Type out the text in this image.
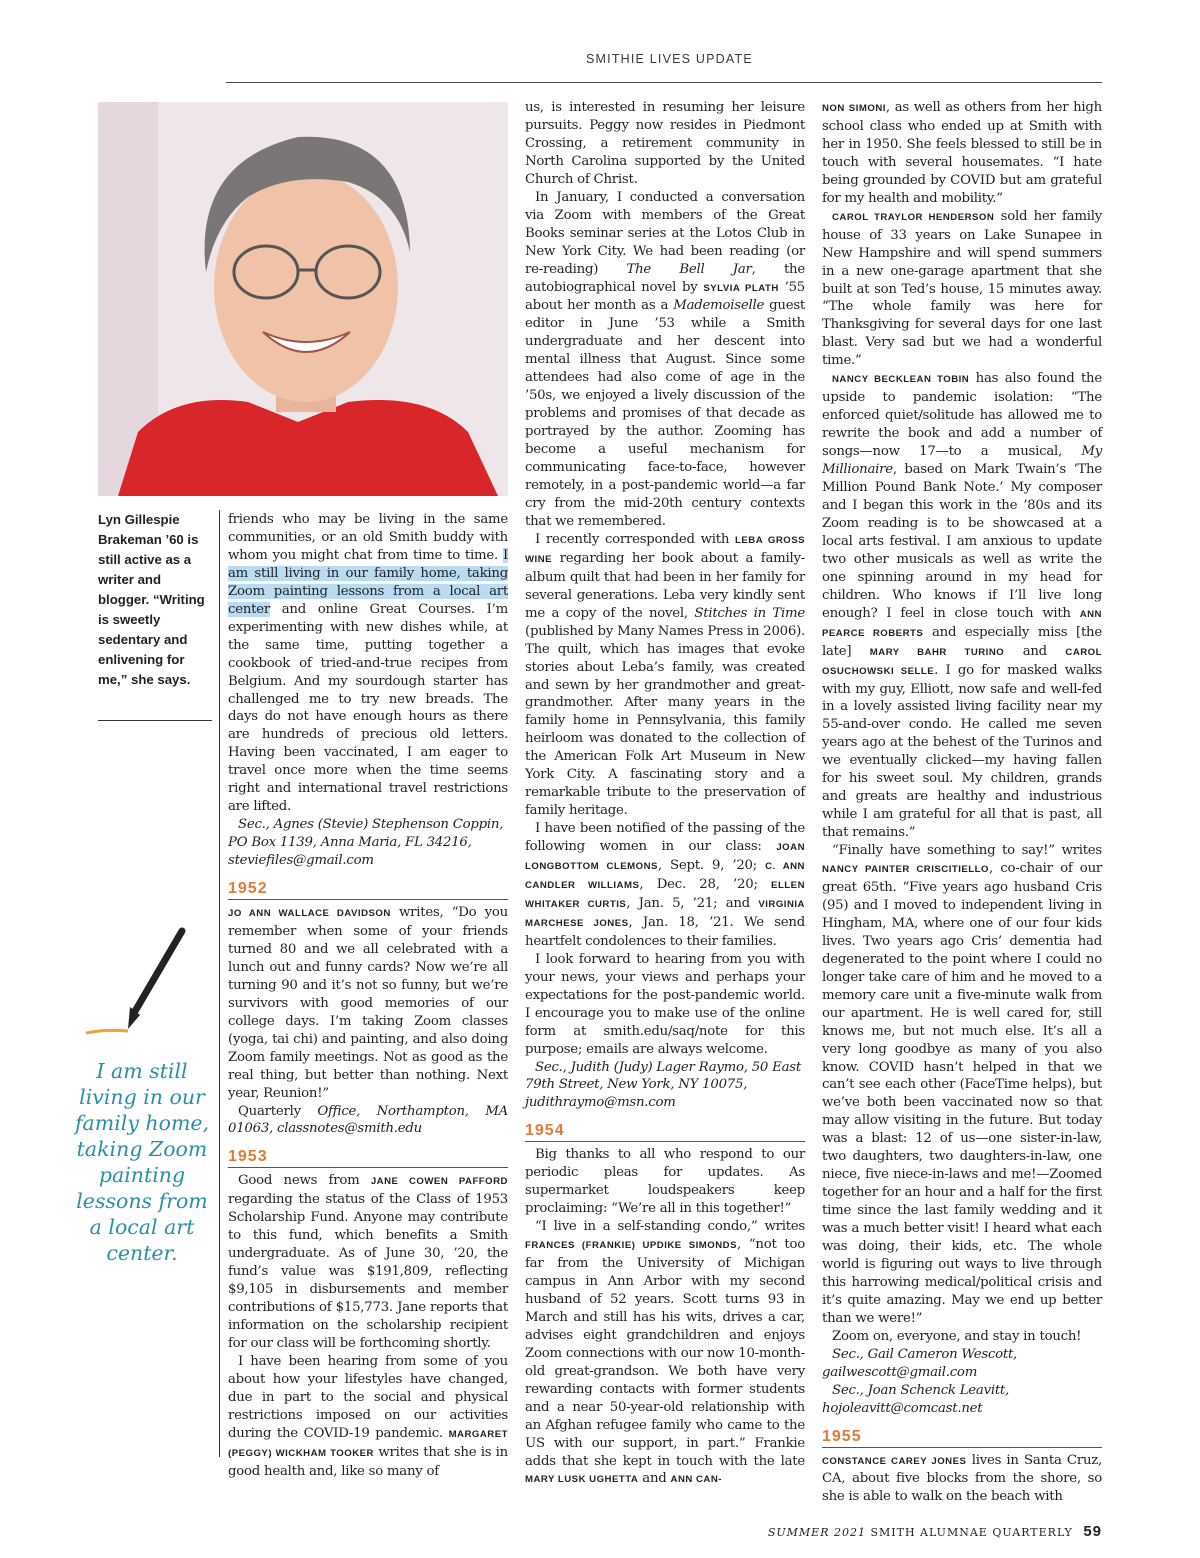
SMITHIE LIVES UPDATE
Lyn Gillespie Brakeman ’60 is still active as a writer and blogger. “Writing is sweetly sedentary and enlivening for me,” she says.
I am still living in our family home, taking Zoom painting lessons from a local art center.

friends who may be living in the same communities, or an old Smith buddy with whom you might chat from time to time. I am still living in our family home, taking Zoom painting lessons from a local art center and online Great Courses. I’m experimenting with new dishes while, at the same time, putting together a cookbook of tried-and-true recipes from Belgium. And my sourdough starter has challenged me to try new breads. The days do not have enough hours as there are hundreds of precious old letters. Having been vaccinated, I am eager to travel once more when the time seems right and international travel restrictions are lifted.

Sec., Agnes (Stevie) Stephenson Coppin, PO Box 1139, Anna Maria, FL 34216, steviefiles@gmail.com

1952

JO ANN WALLACE DAVIDSON writes, “Do you remember when some of your friends turned 80 and we all celebrated with a lunch out and funny cards? Now we’re all turning 90 and it’s not so funny, but we’re survivors with good memories of our college days. I’m taking Zoom classes (yoga, tai chi) and painting, and also doing Zoom family meetings. Not as good as the real thing, but better than nothing. Next year, Reunion!”

Quarterly Office, Northampton, MA 01063, classnotes@smith.edu

1953

Good news from JANE COWEN PAFFORD regarding the status of the Class of 1953 Scholarship Fund. Anyone may contribute to this fund, which benefits a Smith undergraduate. As of June 30, ’20, the fund’s value was $191,809, reflecting $9,105 in disbursements and member contributions of $15,773. Jane reports that information on the scholarship recipient for our class will be forthcoming shortly.

I have been hearing from some of you about how your lifestyles have changed, due in part to the social and physical restrictions imposed on our activities during the COVID-19 pandemic. MARGARET (PEGGY) WICKHAM TOOKER writes that she is in good health and, like so many of

us, is interested in resuming her leisure pursuits. Peggy now resides in Piedmont Crossing, a retirement community in North Carolina supported by the United Church of Christ.

In January, I conducted a conversation via Zoom with members of the Great Books seminar series at the Lotos Club in New York City. We had been reading (or re-reading) The Bell Jar, the autobiographical novel by SYLVIA PLATH ’55 about her month as a Mademoiselle guest editor in June ’53 while a Smith undergraduate and her descent into mental illness that August. Since some attendees had also come of age in the ’50s, we enjoyed a lively discussion of the problems and promises of that decade as portrayed by the author. Zooming has become a useful mechanism for communicating face-to-face, however remotely, in a post-pandemic world—a far cry from the mid-20th century contexts that we remembered.

I recently corresponded with LEBA GROSS WINE regarding her book about a family-album quilt that had been in her family for several generations. Leba very kindly sent me a copy of the novel, Stitches in Time (published by Many Names Press in 2006). The quilt, which has images that evoke stories about Leba’s family, was created and sewn by her grandmother and great-grandmother. After many years in the family home in Pennsylvania, this family heirloom was donated to the collection of the American Folk Art Museum in New York City. A fascinating story and a remarkable tribute to the preservation of family heritage.

I have been notified of the passing of the following women in our class: JOAN LONGBOTTOM CLEMONS, Sept. 9, ’20; C. ANN CANDLER WILLIAMS, Dec. 28, ’20; ELLEN WHITAKER CURTIS, Jan. 5, ’21; and VIRGINIA MARCHESE JONES, Jan. 18, ’21. We send heartfelt condolences to their families.

I look forward to hearing from you with your news, your views and perhaps your expectations for the post-pandemic world. I encourage you to make use of the online form at smith.edu/saq/note for this purpose; emails are always welcome.

Sec., Judith (Judy) Lager Raymo, 50 East 79th Street, New York, NY 10075, judithraymo@msn.com

1954

Big thanks to all who respond to our periodic pleas for updates. As supermarket loudspeakers keep proclaiming: “We’re all in this together!”

“I live in a self-standing condo,” writes FRANCES (FRANKIE) UPDIKE SIMONDS, “not too far from the University of Michigan campus in Ann Arbor with my second husband of 52 years. Scott turns 93 in March and still has his wits, drives a car, advises eight grandchildren and enjoys Zoom connections with our now 10-month-old great-grandson. We both have very rewarding contacts with former students and a near 50-year-old relationship with an Afghan refugee family who came to the US with our support, in part.” Frankie adds that she kept in touch with the late MARY LUSK UGHETTA and ANN CAN-

NON SIMONI, as well as others from her high school class who ended up at Smith with her in 1950. She feels blessed to still be in touch with several housemates. “I hate being grounded by COVID but am grateful for my health and mobility.”

CAROL TRAYLOR HENDERSON sold her family house of 33 years on Lake Sunapee in New Hampshire and will spend summers in a new one-garage apartment that she built at son Ted’s house, 15 minutes away. “The whole family was here for Thanksgiving for several days for one last blast. Very sad but we had a wonderful time.”

NANCY BECKLEAN TOBIN has also found the upside to pandemic isolation: “The enforced quiet/solitude has allowed me to rewrite the book and add a number of songs—now 17—to a musical, My Millionaire, based on Mark Twain’s ‘The Million Pound Bank Note.’ My composer and I began this work in the ’80s and its Zoom reading is to be showcased at a local arts festival. I am anxious to update two other musicals as well as write the one spinning around in my head for children. Who knows if I’ll live long enough? I feel in close touch with ANN PEARCE ROBERTS and especially miss [the late] MARY BAHR TURINO and CAROL OSUCHOWSKI SELLE. I go for masked walks with my guy, Elliott, now safe and well-fed in a lovely assisted living facility near my 55-and-over condo. He called me seven years ago at the behest of the Turinos and we eventually clicked—my having fallen for his sweet soul. My children, grands and greats are healthy and industrious while I am grateful for all that is past, all that remains.”

“Finally have something to say!” writes NANCY PAINTER CRISCITIELLO, co-chair of our great 65th. “Five years ago husband Cris (95) and I moved to independent living in Hingham, MA, where one of our four kids lives. Two years ago Cris’ dementia had degenerated to the point where I could no longer take care of him and he moved to a memory care unit a five-minute walk from our apartment. He is well cared for, still knows me, but not much else. It’s all a very long goodbye as many of you also know. COVID hasn’t helped in that we can’t see each other (FaceTime helps), but we’ve both been vaccinated now so that may allow visiting in the future. But today was a blast: 12 of us—one sister-in-law, two daughters, two daughters-in-law, one niece, five niece-in-laws and me!—Zoomed together for an hour and a half for the first time since the last family wedding and it was a much better visit! I heard what each was doing, their kids, etc. The whole world is figuring out ways to live through this harrowing medical/political crisis and it’s quite amazing. May we end up better than we were!”

Zoom on, everyone, and stay in touch!

Sec., Gail Cameron Wescott, gailwescott@gmail.com

Sec., Joan Schenck Leavitt, hojoleavitt@comcast.net

1955

CONSTANCE CAREY JONES lives in Santa Cruz, CA, about five blocks from the shore, so she is able to walk on the beach with

SUMMER 2021 SMITH ALUMNAE QUARTERLY 59
